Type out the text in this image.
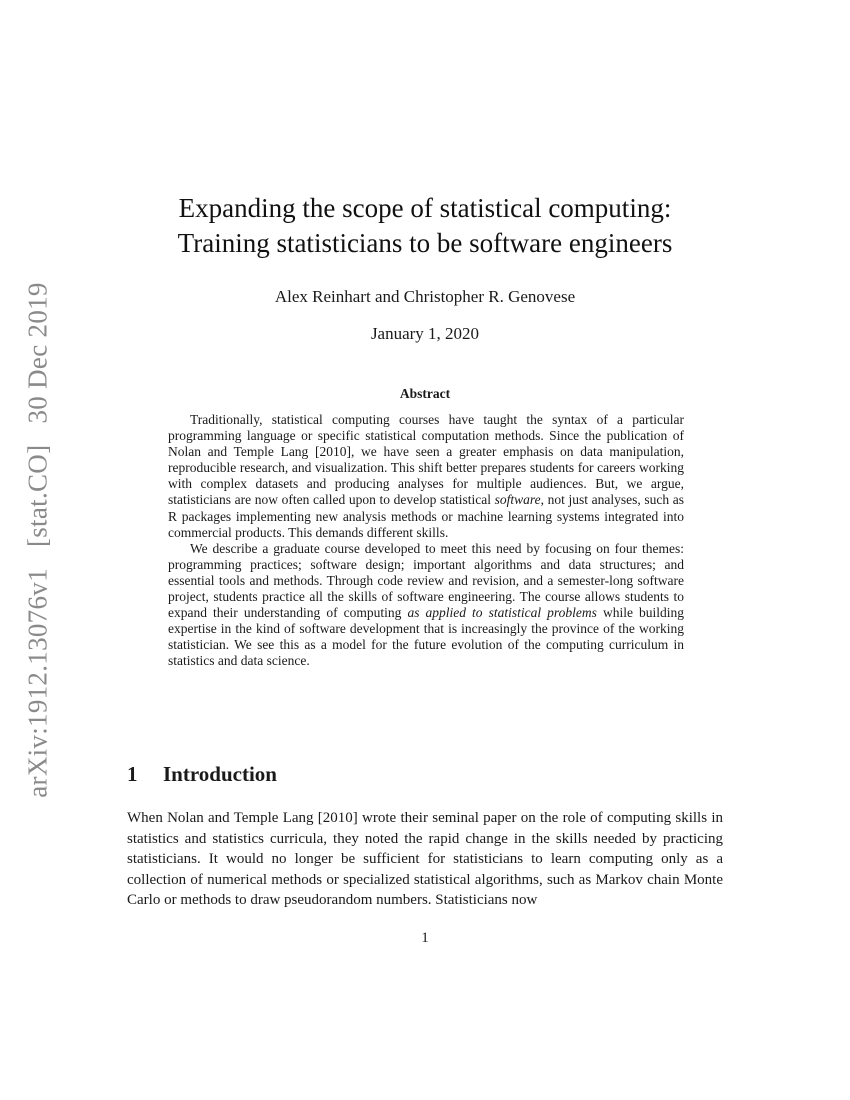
arXiv:1912.13076v1 [stat.CO] 30 Dec 2019
Expanding the scope of statistical computing:
Training statisticians to be software engineers
Alex Reinhart and Christopher R. Genovese
January 1, 2020
Abstract

Traditionally, statistical computing courses have taught the syntax of a particular programming language or specific statistical computation methods. Since the publication of Nolan and Temple Lang [2010], we have seen a greater emphasis on data manipulation, reproducible research, and visualization. This shift better prepares students for careers working with complex datasets and producing analyses for multiple audiences. But, we argue, statisticians are now often called upon to develop statistical software, not just analyses, such as R packages implementing new analysis methods or machine learning systems integrated into commercial products. This demands different skills.

We describe a graduate course developed to meet this need by focusing on four themes: programming practices; software design; important algorithms and data structures; and essential tools and methods. Through code review and revision, and a semester-long software project, students practice all the skills of software engineering. The course allows students to expand their understanding of computing as applied to statistical problems while building expertise in the kind of software development that is increasingly the province of the working statistician. We see this as a model for the future evolution of the computing curriculum in statistics and data science.

1 Introduction

When Nolan and Temple Lang [2010] wrote their seminal paper on the role of computing skills in statistics and statistics curricula, they noted the rapid change in the skills needed by practicing statisticians. It would no longer be sufficient for statisticians to learn computing only as a collection of numerical methods or specialized statistical algorithms, such as Markov chain Monte Carlo or methods to draw pseudorandom numbers. Statisticians now

1
